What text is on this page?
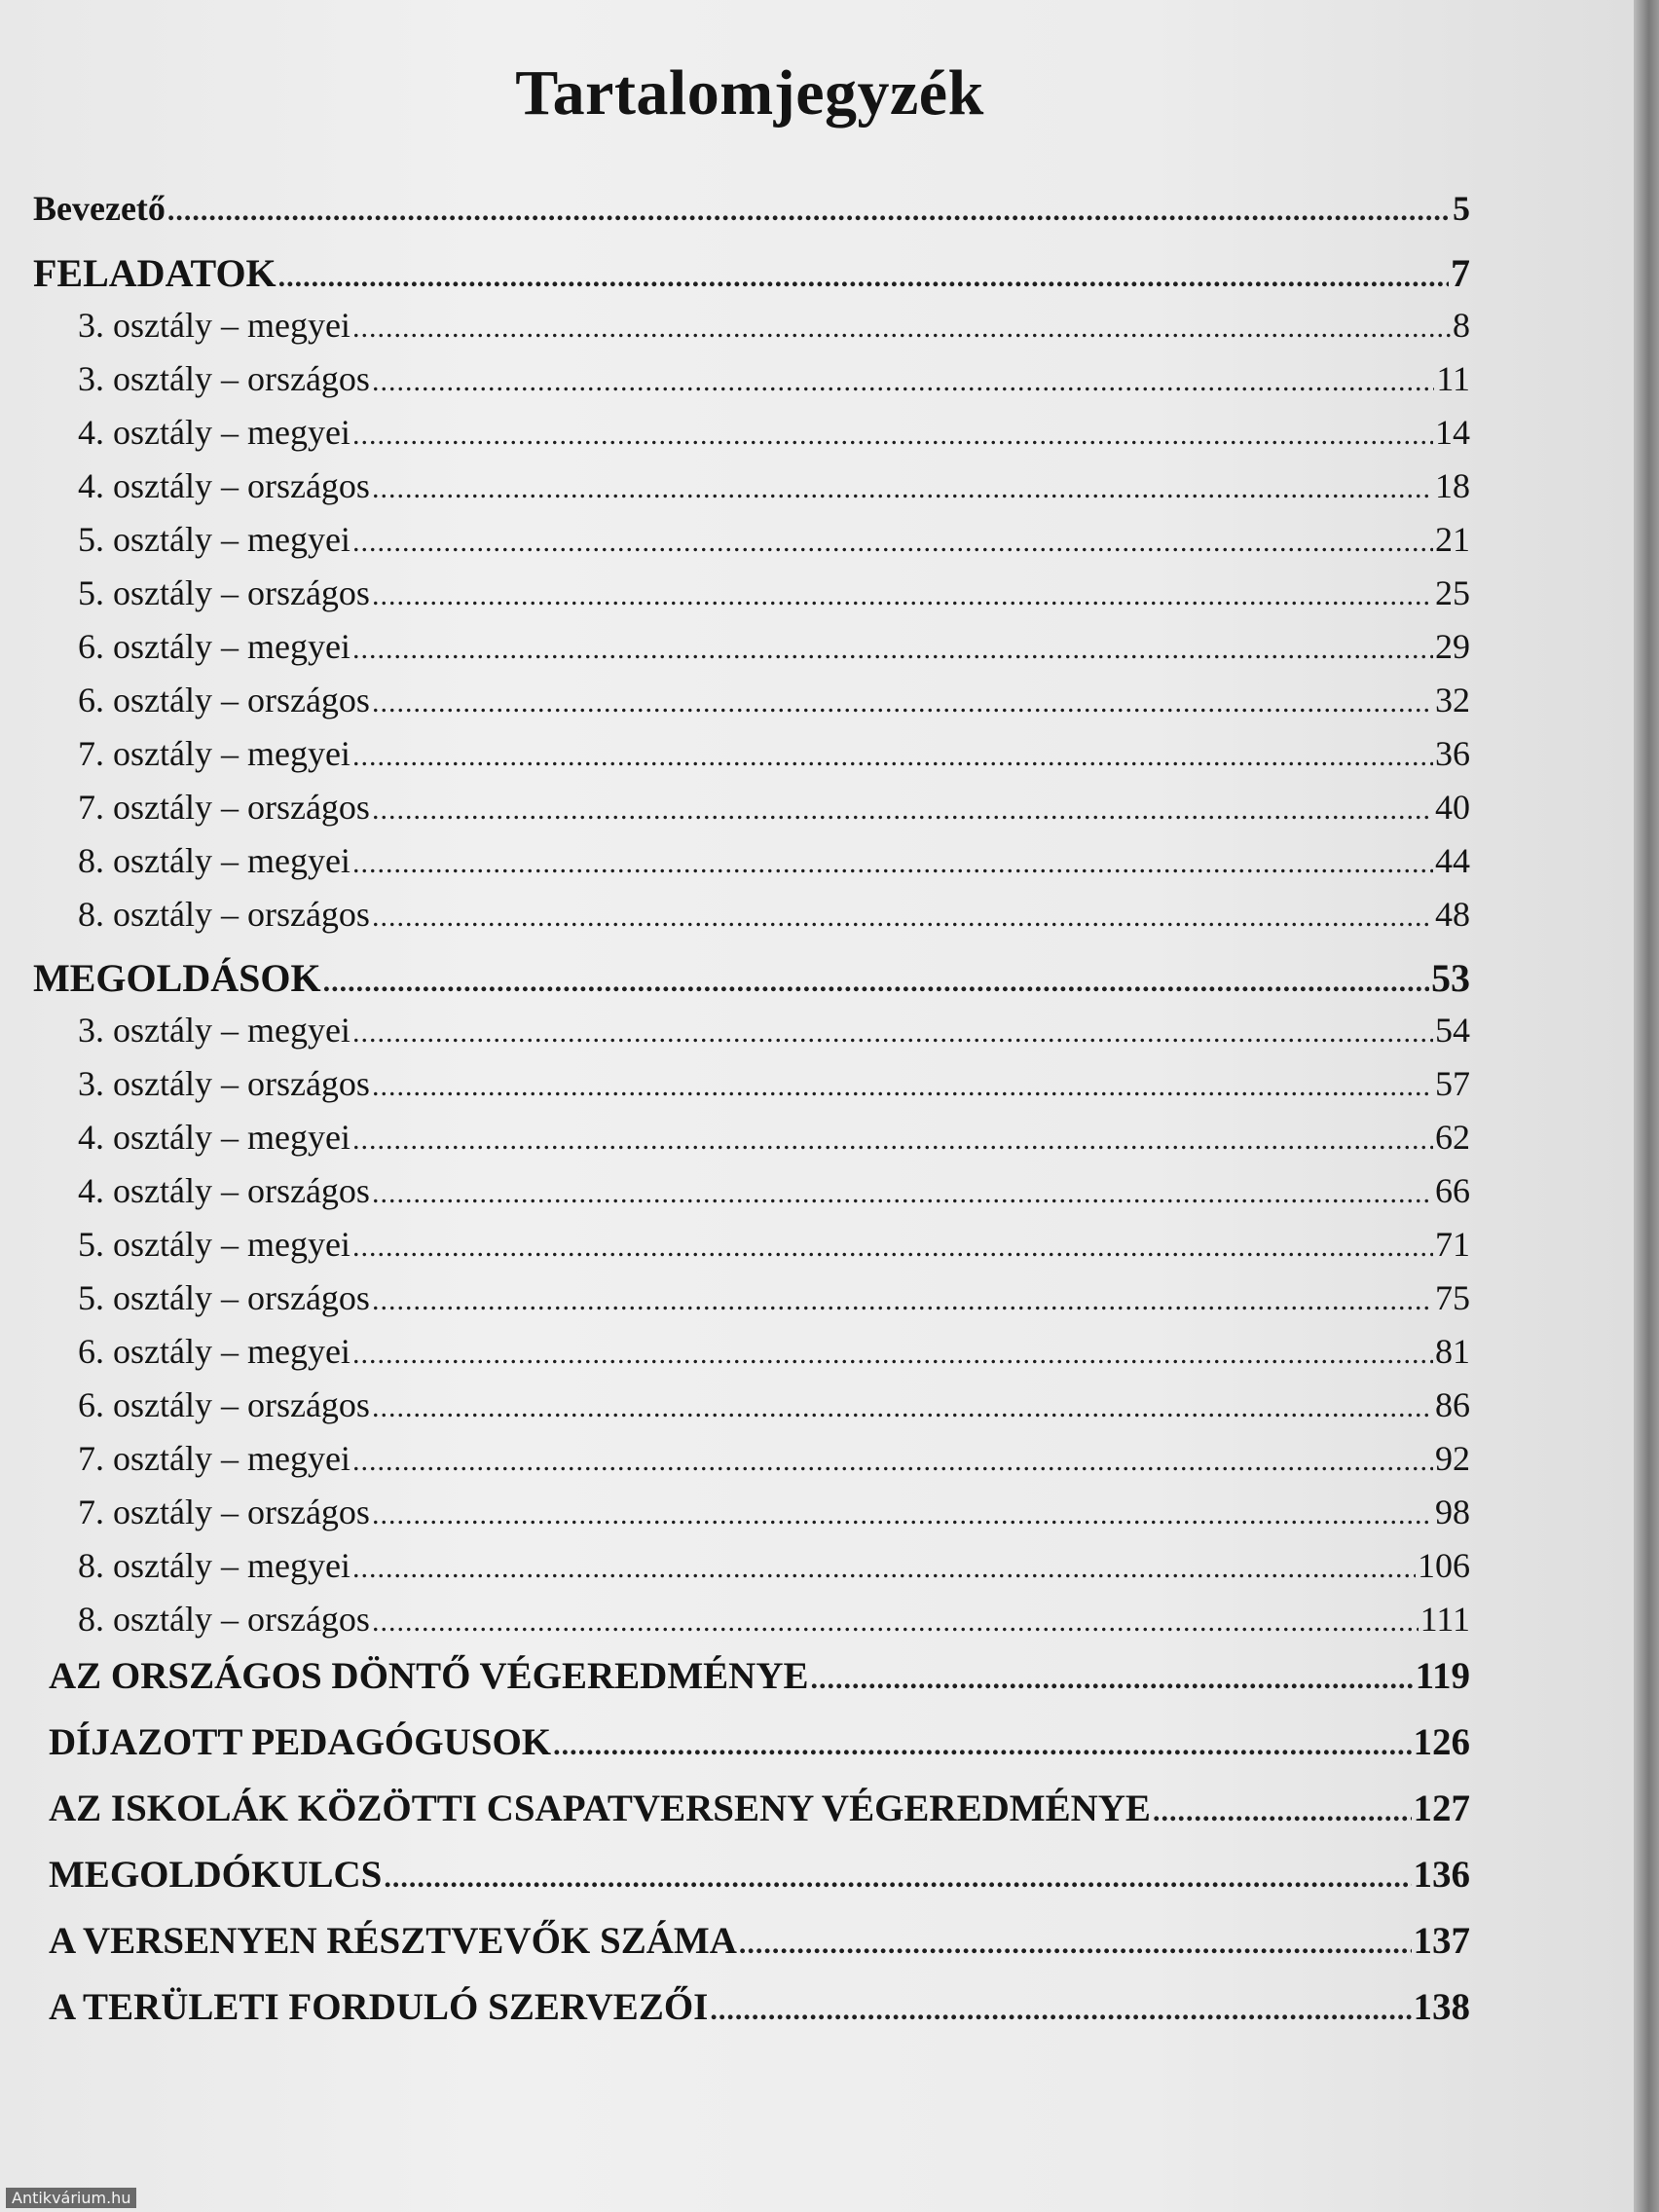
Tartalomjegyzék
Bevezető .....	5
FELADATOK .....	7
3. osztály – megyei .....	8
3. osztály – országos .....	11
4. osztály – megyei .....	14
4. osztály – országos .....	18
5. osztály – megyei .....	21
5. osztály – országos .....	25
6. osztály – megyei .....	29
6. osztály – országos .....	32
7. osztály – megyei .....	36
7. osztály – országos .....	40
8. osztály – megyei .....	44
8. osztály – országos .....	48
MEGOLDÁSOK .....	53
3. osztály – megyei .....	54
3. osztály – országos .....	57
4. osztály – megyei .....	62
4. osztály – országos .....	66
5. osztály – megyei .....	71
5. osztály – országos .....	75
6. osztály – megyei .....	81
6. osztály – országos .....	86
7. osztály – megyei .....	92
7. osztály – országos .....	98
8. osztály – megyei .....	106
8. osztály – országos .....	111
AZ ORSZÁGOS DÖNTŐ VÉGEREDMÉNYE .....	119
DÍJAZOTT PEDAGÓGUSOK .....	126
AZ ISKOLÁK KÖZÖTTI CSAPATVERSENY VÉGEREDMÉNYE .....	127
MEGOLDÓKULCS .....	136
A VERSENYEN RÉSZTVEVŐK SZÁMA .....	137
A TERÜLETI FORDULÓ SZERVEZŐI .....	138
Antikvárium.hu
